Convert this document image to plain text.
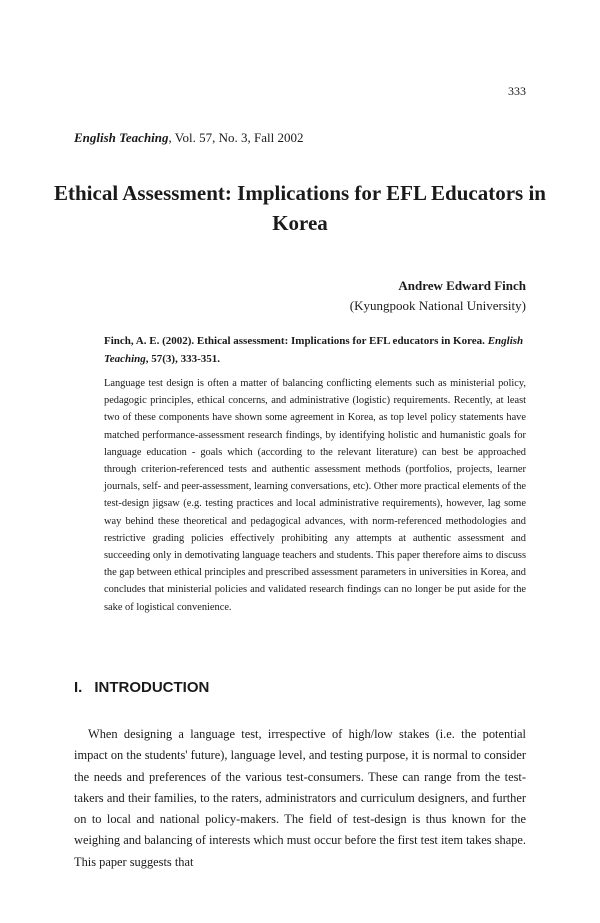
333
English Teaching, Vol. 57, No. 3, Fall 2002
Ethical Assessment: Implications for EFL Educators in Korea
Andrew Edward Finch
(Kyungpook National University)
Finch, A. E. (2002). Ethical assessment: Implications for EFL educators in Korea. English Teaching, 57(3), 333-351.

Language test design is often a matter of balancing conflicting elements such as ministerial policy, pedagogic principles, ethical concerns, and administrative (logistic) requirements. Recently, at least two of these components have shown some agreement in Korea, as top level policy statements have matched performance-assessment research findings, by identifying holistic and humanistic goals for language education - goals which (according to the relevant literature) can best be approached through criterion-referenced tests and authentic assessment methods (portfolios, projects, learner journals, self- and peer-assessment, learning conversations, etc). Other more practical elements of the test-design jigsaw (e.g. testing practices and local administrative requirements), however, lag some way behind these theoretical and pedagogical advances, with norm-referenced methodologies and restrictive grading policies effectively prohibiting any attempts at authentic assessment and succeeding only in demotivating language teachers and students. This paper therefore aims to discuss the gap between ethical principles and prescribed assessment parameters in universities in Korea, and concludes that ministerial policies and validated research findings can no longer be put aside for the sake of logistical convenience.

I. INTRODUCTION

When designing a language test, irrespective of high/low stakes (i.e. the potential impact on the students' future), language level, and testing purpose, it is normal to consider the needs and preferences of the various test-consumers. These can range from the test-takers and their families, to the raters, administrators and curriculum designers, and further on to local and national policy-makers. The field of test-design is thus known for the weighing and balancing of interests which must occur before the first test item takes shape. This paper suggests that
